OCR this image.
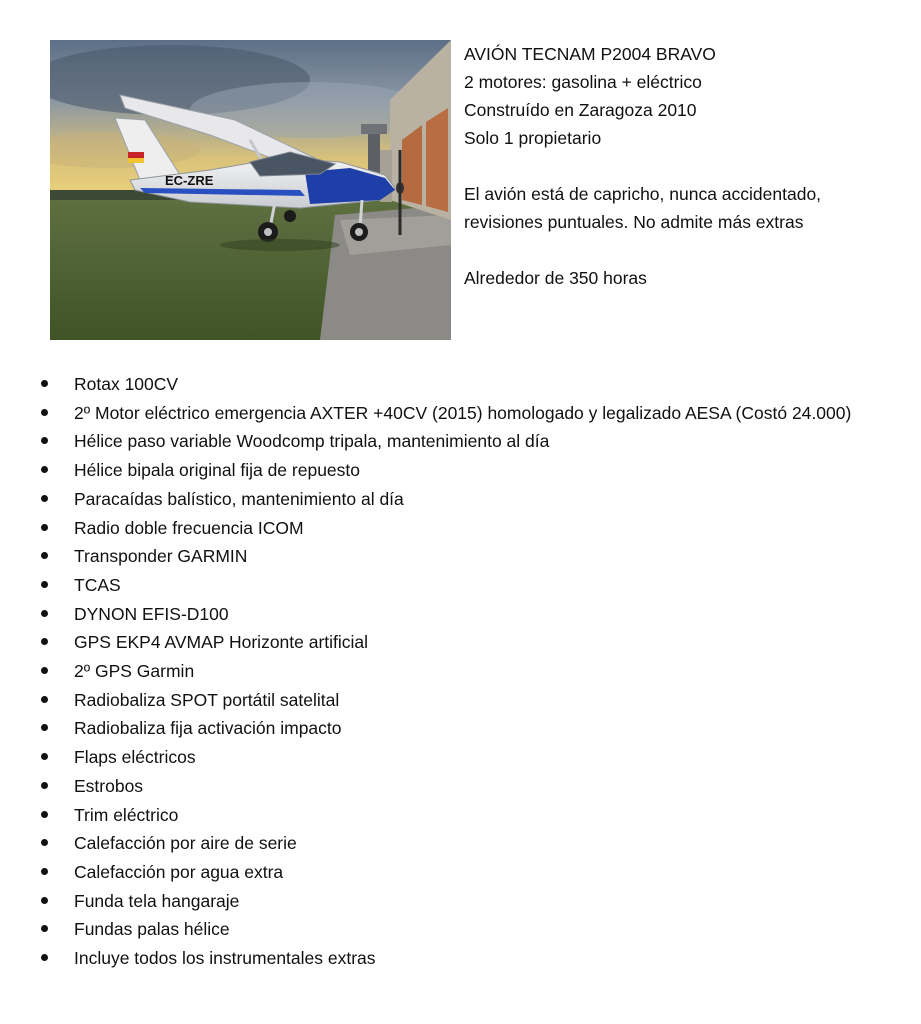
EC-ZRE

AVIÓN TECNAM P2004 BRAVO

2 motores: gasolina + eléctrico

Construído en Zaragoza 2010

Solo 1 propietario

El avión está de capricho, nunca accidentado,

revisiones puntuales. No admite más extras

Alrededor de 350 horas

Rotax 100CV
2º Motor eléctrico emergencia AXTER +40CV (2015) homologado y legalizado AESA (Costó 24.000)
Hélice paso variable Woodcomp tripala, mantenimiento al día
Hélice bipala original fija de repuesto
Paracaídas balístico, mantenimiento al día
Radio doble frecuencia ICOM
Transponder GARMIN
TCAS
DYNON EFIS-D100
GPS EKP4 AVMAP Horizonte artificial
2º GPS Garmin
Radiobaliza SPOT portátil satelital
Radiobaliza fija activación impacto
Flaps eléctricos
Estrobos
Trim eléctrico
Calefacción por aire de serie
Calefacción por agua extra
Funda tela hangaraje
Fundas palas hélice
Incluye todos los instrumentales extras
